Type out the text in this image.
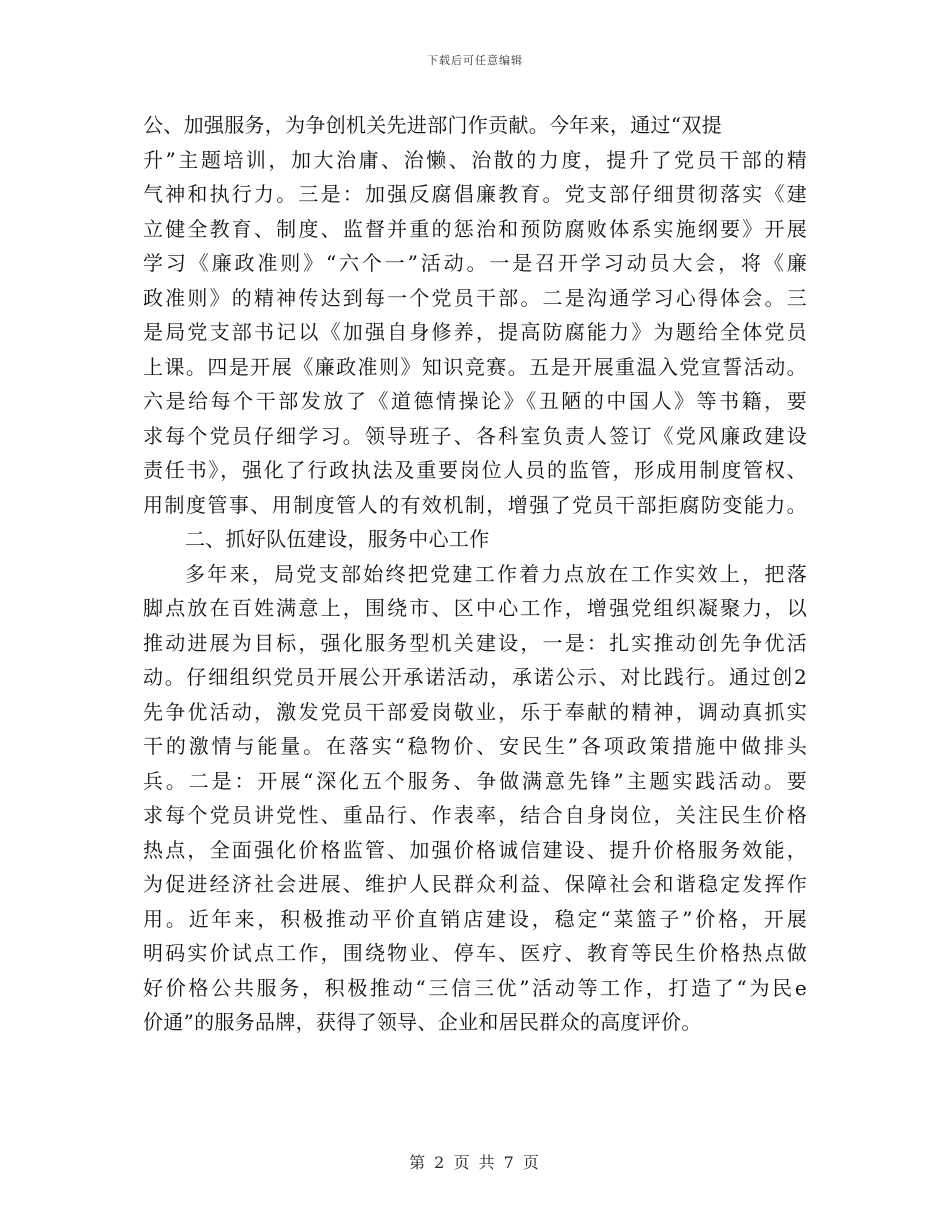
下载后可任意编辑
公、加强服务，为争创机关先进部门作贡献。今年来，通过“双提
升”主题培训，加大治庸、治懒、治散的力度，提升了党员干部的精
气神和执行力。三是：加强反腐倡廉教育。党支部仔细贯彻落实《建
立健全教育、制度、监督并重的惩治和预防腐败体系实施纲要》开展
学习《廉政准则》“六个一”活动。一是召开学习动员大会，将《廉
政准则》的精神传达到每一个党员干部。二是沟通学习心得体会。三
是局党支部书记以《加强自身修养，提高防腐能力》为题给全体党员
上课。四是开展《廉政准则》知识竞赛。五是开展重温入党宣誓活动。
六是给每个干部发放了《道德情操论》《丑陋的中国人》等书籍，要
求每个党员仔细学习。领导班子、各科室负责人签订《党风廉政建设
责任书》，强化了行政执法及重要岗位人员的监管，形成用制度管权、
用制度管事、用制度管人的有效机制，增强了党员干部拒腐防变能力。
二、抓好队伍建设，服务中心工作
多年来，局党支部始终把党建工作着力点放在工作实效上，把落
脚点放在百姓满意上，围绕市、区中心工作，增强党组织凝聚力，以
推动进展为目标，强化服务型机关建设，一是：扎实推动创先争优活
动。仔细组织党员开展公开承诺活动，承诺公示、对比践行。通过创2
先争优活动，激发党员干部爱岗敬业，乐于奉献的精神，调动真抓实
干的激情与能量。在落实“稳物价、安民生”各项政策措施中做排头
兵。二是：开展“深化五个服务、争做满意先锋”主题实践活动。要
求每个党员讲党性、重品行、作表率，结合自身岗位，关注民生价格
热点，全面强化价格监管、加强价格诚信建设、提升价格服务效能，
为促进经济社会进展、维护人民群众利益、保障社会和谐稳定发挥作
用。近年来，积极推动平价直销店建设，稳定“菜篮子”价格，开展
明码实价试点工作，围绕物业、停车、医疗、教育等民生价格热点做
好价格公共服务，积极推动“三信三优”活动等工作，打造了“为民e
价通”的服务品牌，获得了领导、企业和居民群众的高度评价。
第 2 页 共 7 页
